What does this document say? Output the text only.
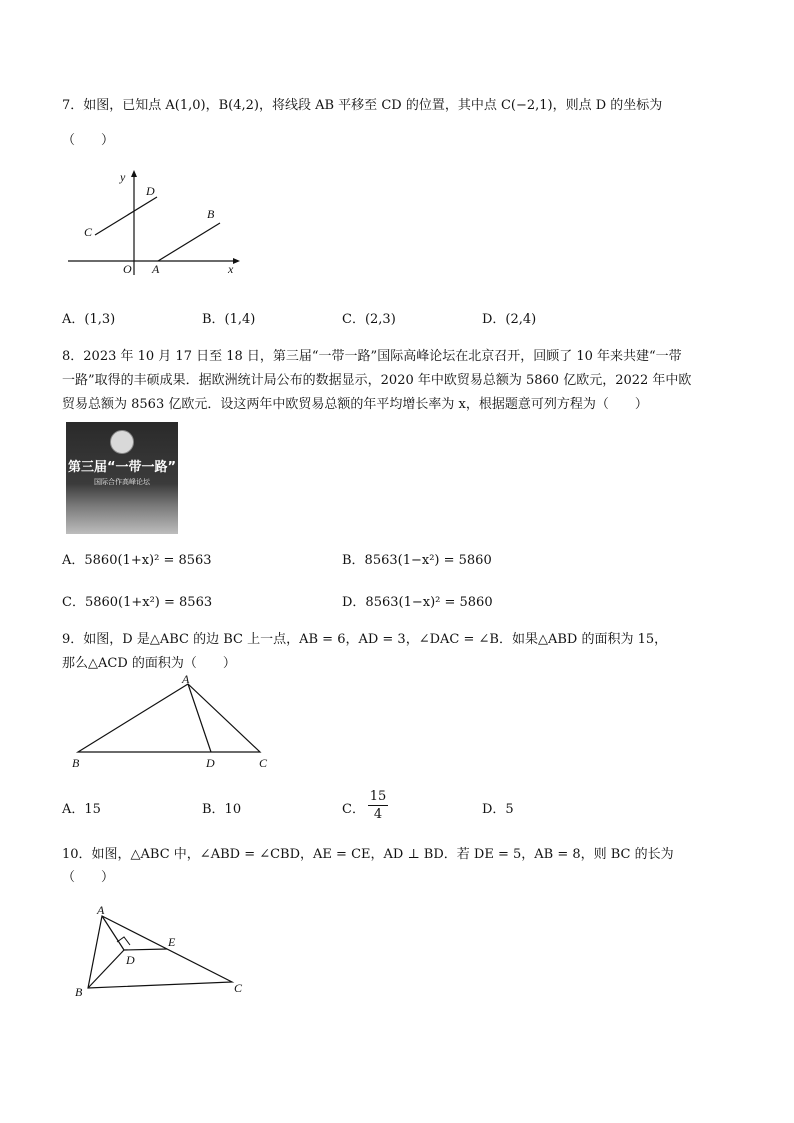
7．如图，已知点 A(1,0)，B(4,2)，将线段 AB 平移至 CD 的位置，其中点 C(−2,1)，则点 D 的坐标为
（　　）
y
x
O A
B
C
D
A．(1,3)	B．(1,4)	C．(2,3)	D．(2,4)
8．2023 年 10 月 17 日至 18 日，第三届“一带一路”国际高峰论坛在北京召开，回顾了 10 年来共建“一带
一路”取得的丰硕成果．据欧洲统计局公布的数据显示，2020 年中欧贸易总额为 5860 亿欧元，2022 年中欧
贸易总额为 8563 亿欧元．设这两年中欧贸易总额的年平均增长率为 x，根据题意可列方程为（　　）
第三届“一带一路”
国际合作高峰论坛
A．5860(1+x)² = 8563	B．8563(1−x²) = 5860
C．5860(1+x²) = 8563	D．8563(1−x)² = 5860
9．如图，D 是△ABC 的边 BC 上一点，AB = 6，AD = 3，∠DAC = ∠B．如果△ABD 的面积为 15，
那么△ACD 的面积为（　　）
A
B	D	C
A．15	B．10	C．
15
4	D．5
10．如图，△ABC 中，∠ABD = ∠CBD，AE = CE，AD ⊥ BD．若 DE = 5，AB = 8，则 BC 的长为
（　　）
A
B	C
D
E
